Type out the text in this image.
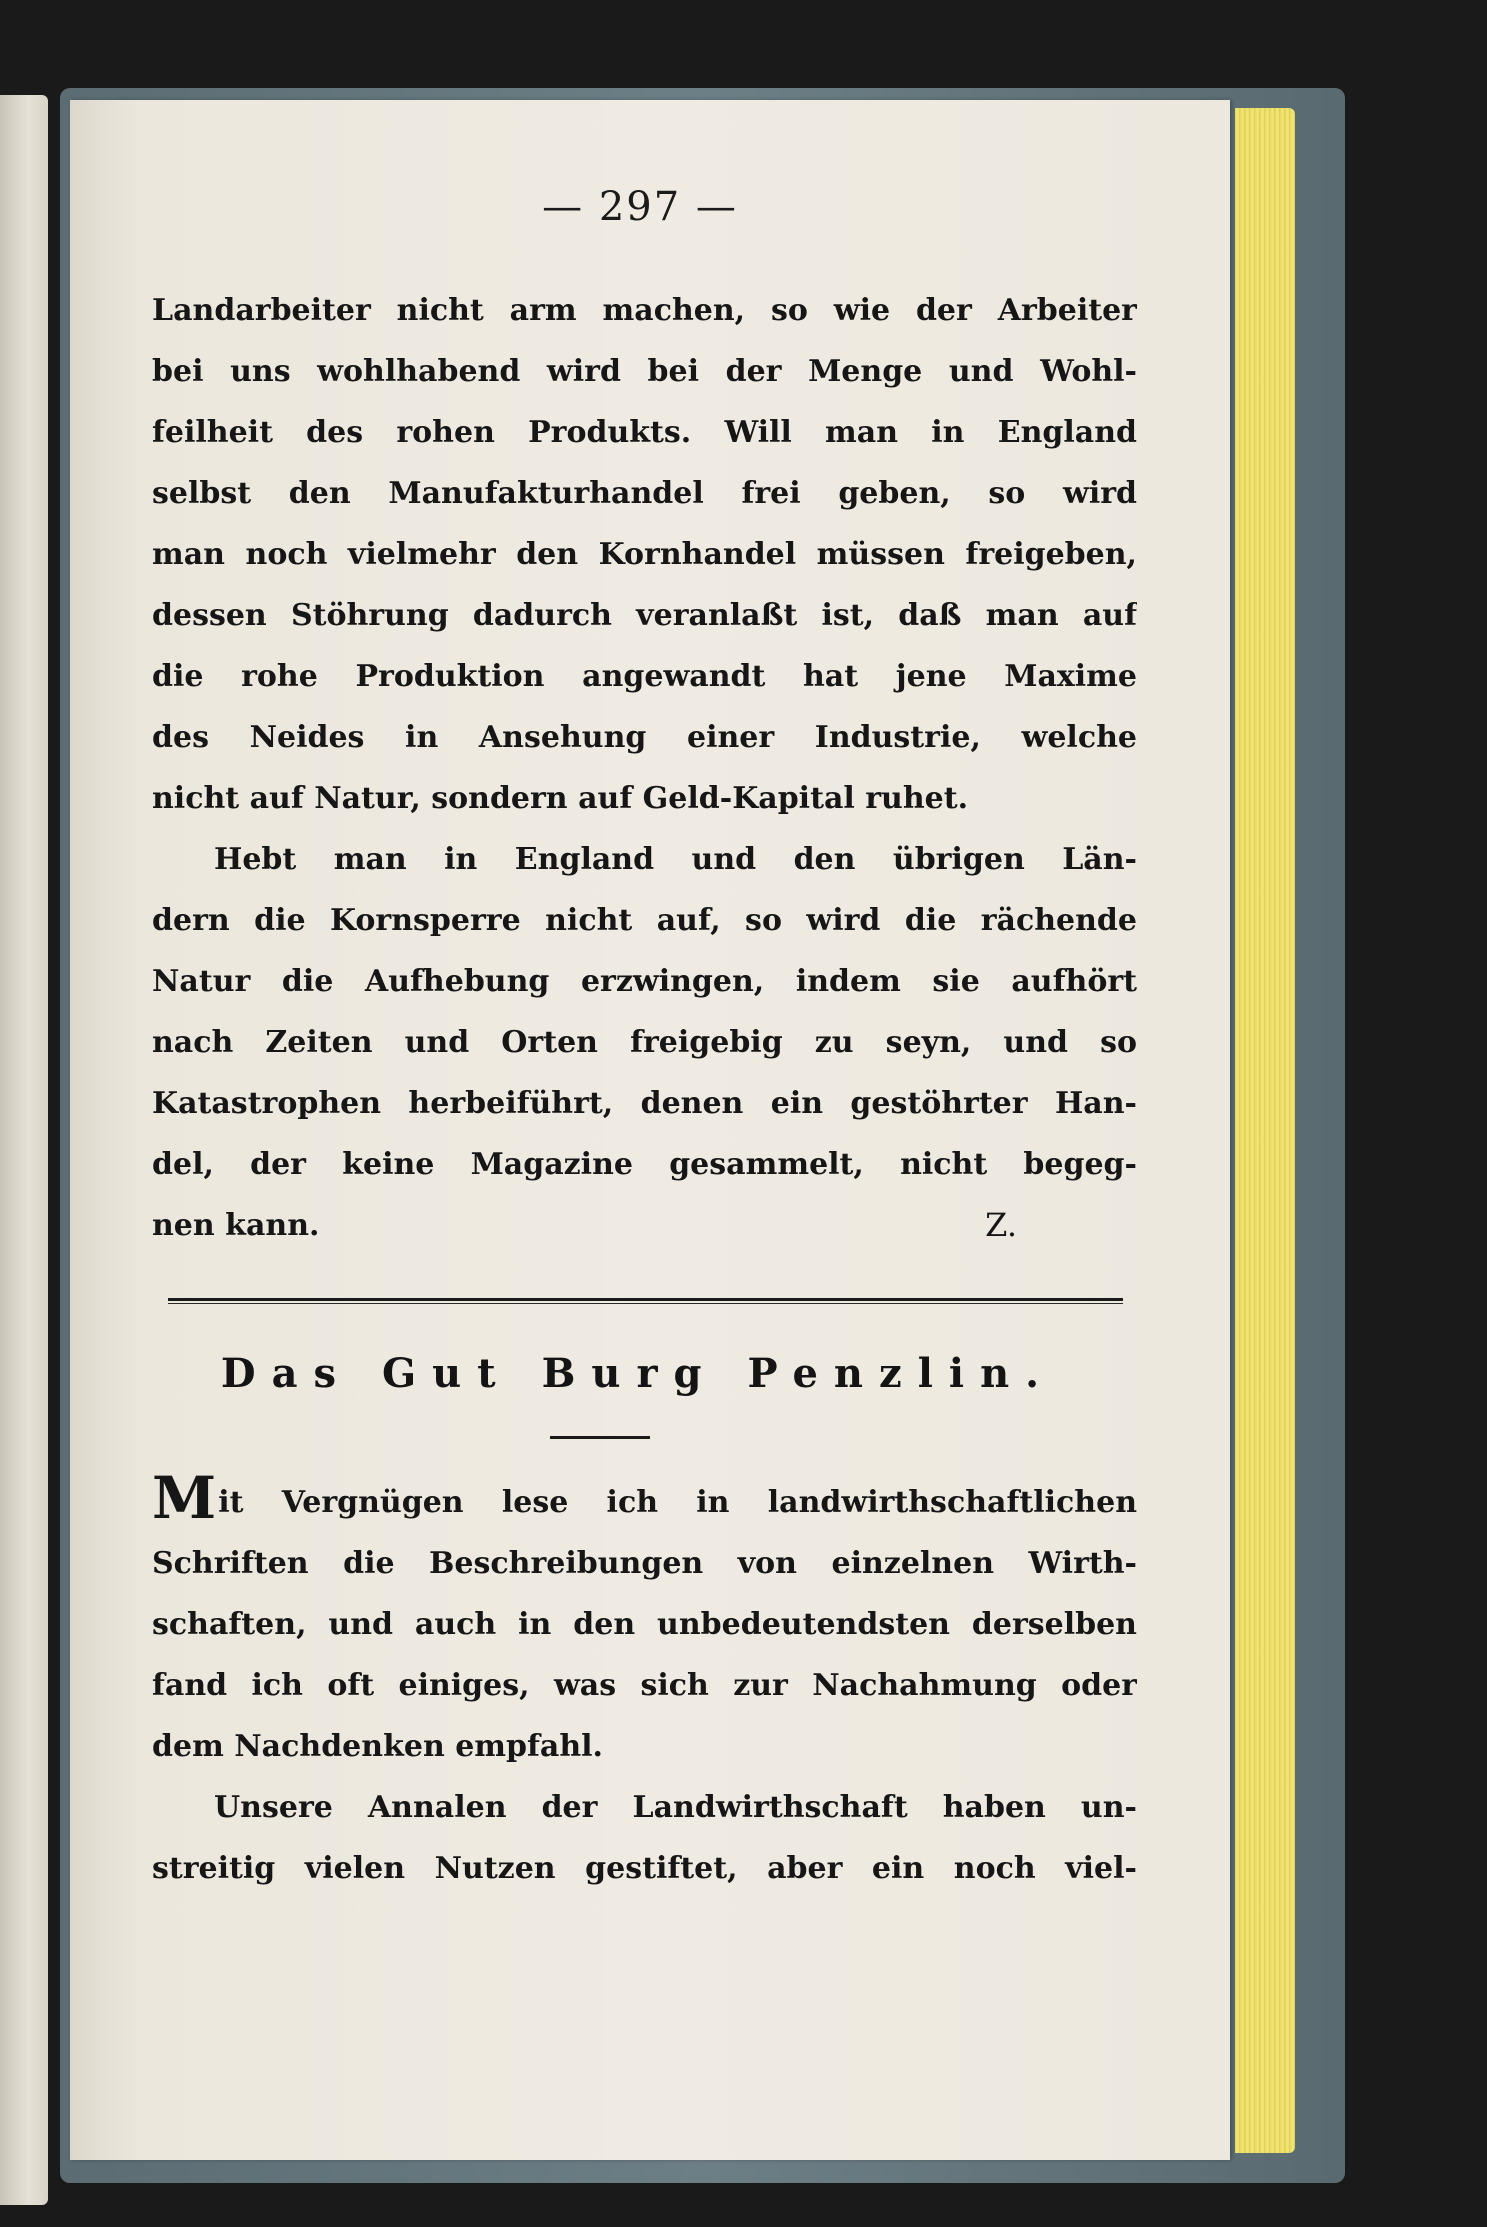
— 297 —
Landarbeiter nicht arm machen, so wie der Arbeiter
bei uns wohlhabend wird bei der Menge und Wohl-
feilheit des rohen Produkts. Will man in England
selbst den Manufakturhandel frei geben, so wird
man noch vielmehr den Kornhandel müssen freigeben,
dessen Stöhrung dadurch veranlaßt ist, daß man auf
die rohe Produktion angewandt hat jene Maxime
des Neides in Ansehung einer Industrie, welche
nicht auf Natur, sondern auf Geld-Kapital ruhet.
Hebt man in England und den übrigen Län-
dern die Kornsperre nicht auf, so wird die rächende
Natur die Aufhebung erzwingen, indem sie aufhört
nach Zeiten und Orten freigebig zu seyn, und so
Katastrophen herbeiführt, denen ein gestöhrter Han-
del, der keine Magazine gesammelt, nicht begeg-
nen kann.	Z.
Das Gut Burg Penzlin.
Mit Vergnügen lese ich in landwirthschaftlichen
Schriften die Beschreibungen von einzelnen Wirth-
schaften, und auch in den unbedeutendsten derselben
fand ich oft einiges, was sich zur Nachahmung oder
dem Nachdenken empfahl.
Unsere Annalen der Landwirthschaft haben un-
streitig vielen Nutzen gestiftet, aber ein noch viel-
